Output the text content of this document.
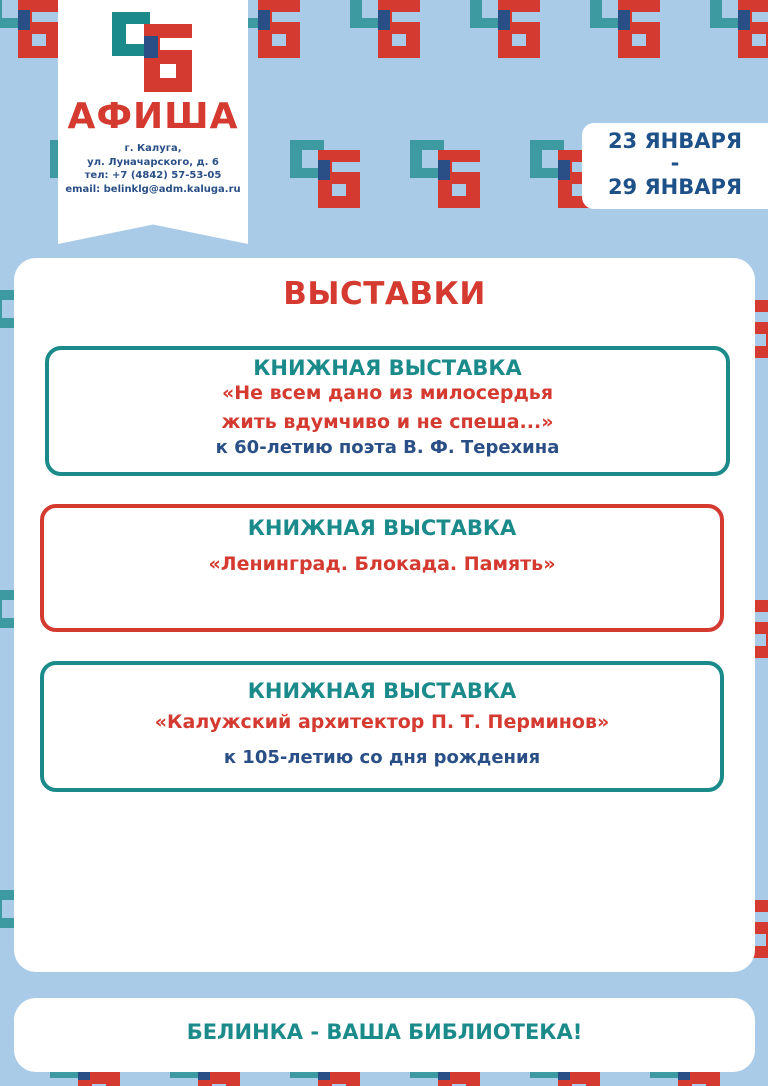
АФИША
г. Калуга,
ул. Луначарского, д. 6
тел: +7 (4842) 57-53-05
email: belinklg@adm.kaluga.ru
23 ЯНВАРЯ
-
29 ЯНВАРЯ
ВЫСТАВКИ
КНИЖНАЯ ВЫСТАВКА
«Не всем дано из милосердья
жить вдумчиво и не спеша...»
к 60-летию поэта В. Ф. Терехина
КНИЖНАЯ ВЫСТАВКА
«Ленинград. Блокада. Память»
КНИЖНАЯ ВЫСТАВКА
«Калужский архитектор П. Т. Перминов»
к 105-летию со дня рождения
БЕЛИНКА - ВАША БИБЛИОТЕКА!
